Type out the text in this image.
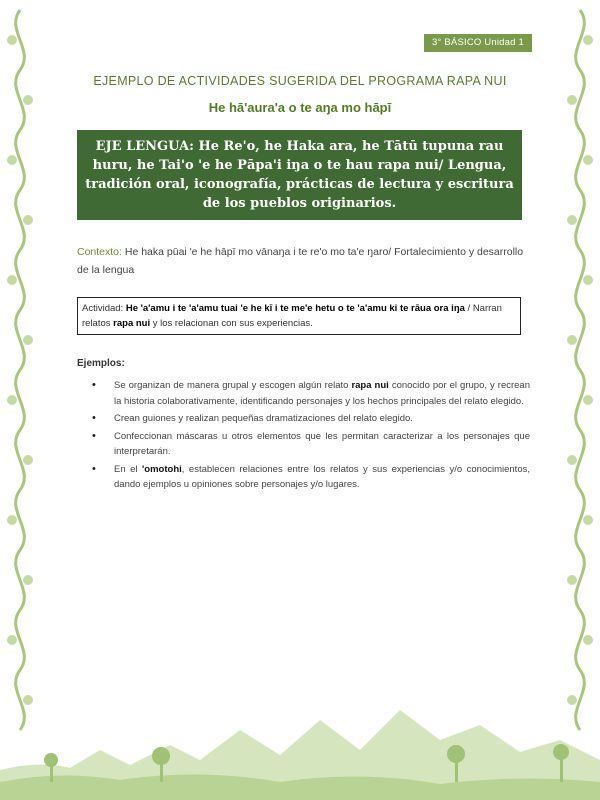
3° BÁSICO Unidad 1
EJEMPLO DE ACTIVIDADES SUGERIDA DEL PROGRAMA RAPA NUI
He hā'aura'a o te aŋa mo hāpī
EJE LENGUA: He Re'o, he Haka ara, he Tātū tupuna rau huru, he Tai'o 'e he Pāpa'i iŋa o te hau rapa nui/ Lengua, tradición oral, iconografía, prácticas de lectura y escritura de los pueblos originarios.
Contexto: He haka pūai 'e he hāpī mo vānaŋa i te re'o mo ta'e ŋaro/ Fortalecimiento y desarrollo de la lengua
Actividad: He 'a'amu i te 'a'amu tuai 'e he kī i te me'e hetu o te 'a'amu ki te rāua ora iŋa / Narran relatos rapa nui y los relacionan con sus experiencias.
Ejemplos:
• Se organizan de manera grupal y escogen algún relato rapa nui conocido por el grupo, y recrean la historia colaborativamente, identificando personajes y los hechos principales del relato elegido.
• Crean guiones y realizan pequeñas dramatizaciones del relato elegido.
• Confeccionan máscaras u otros elementos que les permitan caracterizar a los personajes que interpretarán.
• En el 'omotohi, establecen relaciones entre los relatos y sus experiencias y/o conocimientos, dando ejemplos u opiniones sobre personajes y/o lugares.
